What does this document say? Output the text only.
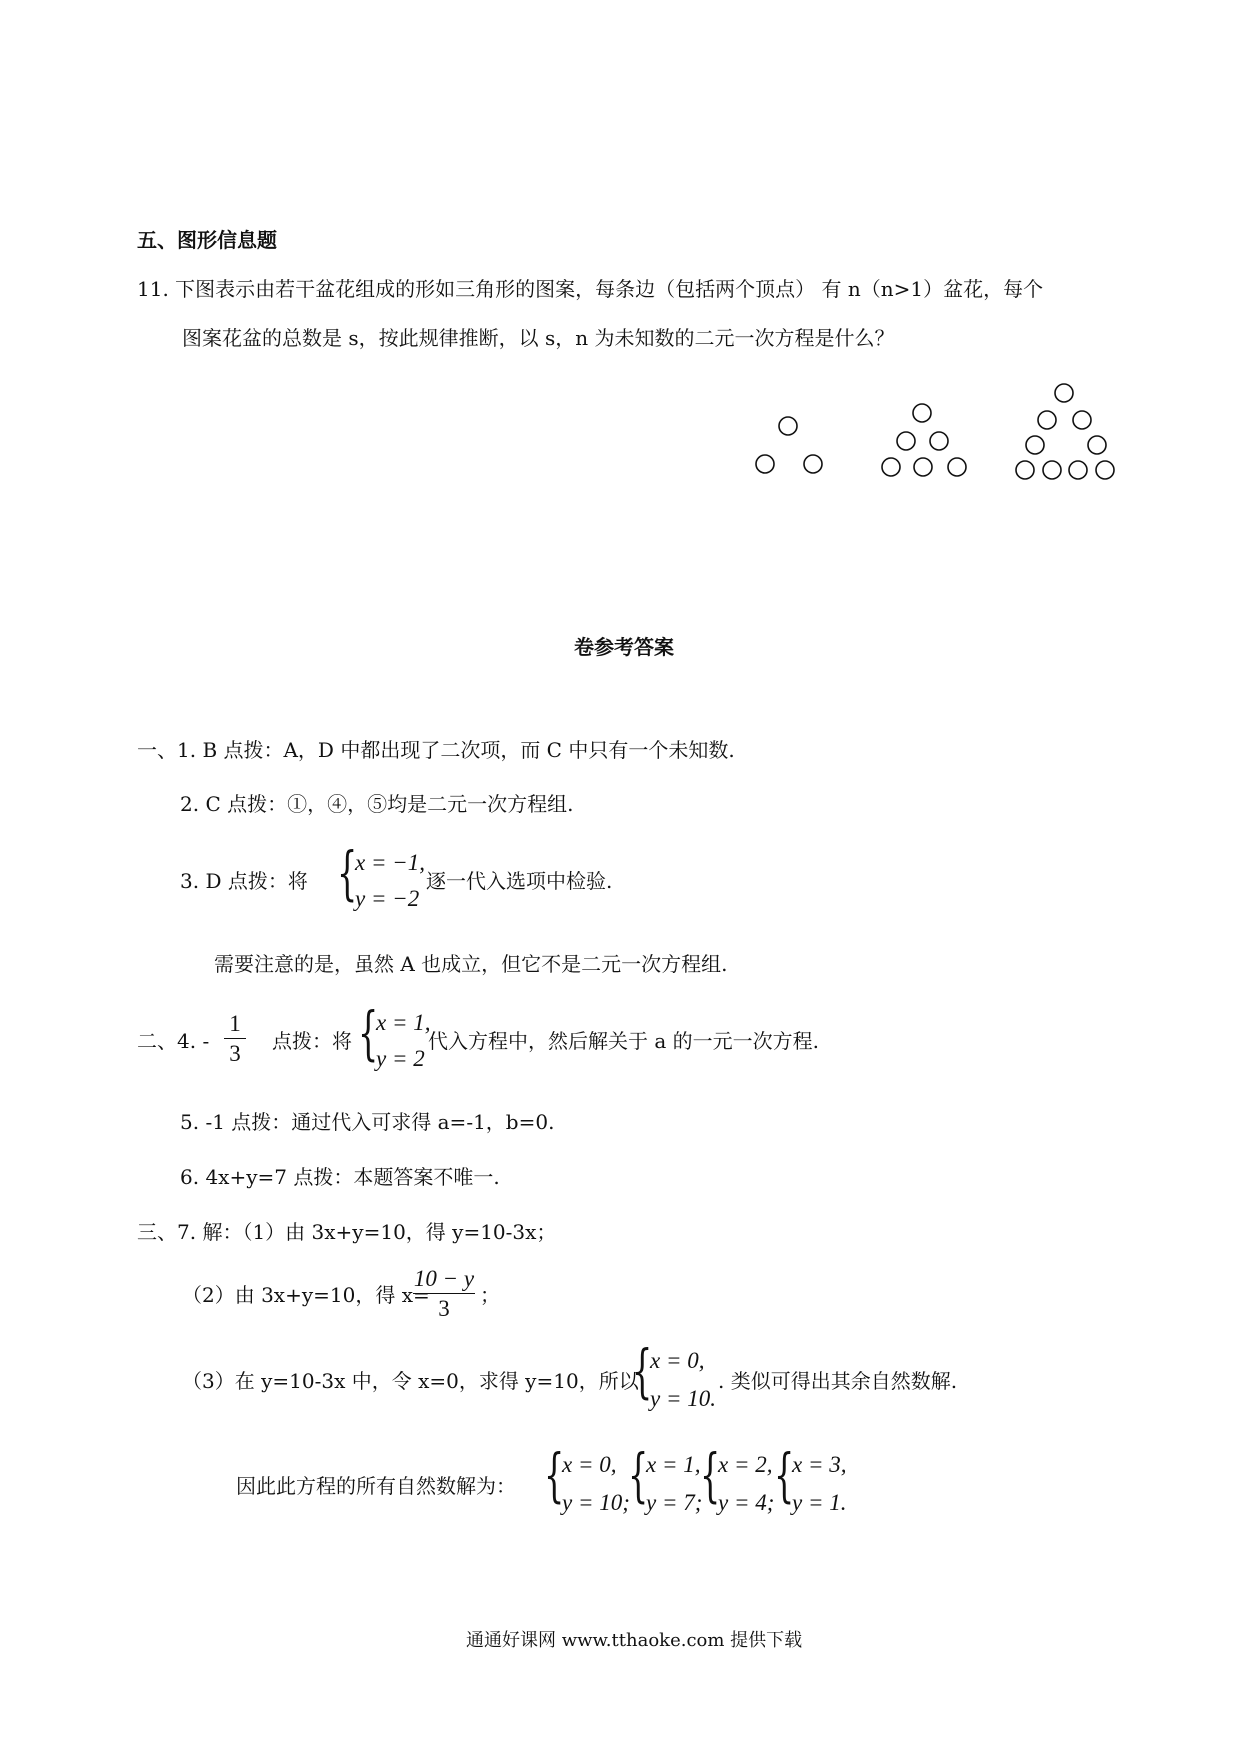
五、图形信息题
11. 下图表示由若干盆花组成的形如三角形的图案，每条边（包括两个顶点） 有 n（n>1）盆花，每个
图案花盆的总数是 s，按此规律推断，以 s，n 为未知数的二元一次方程是什么？
卷参考答案
一、1. B 点拨：A，D 中都出现了二次项，而 C 中只有一个未知数.
2. C 点拨：①，④，⑤均是二元一次方程组.
3. D 点拨：将 {
x = −1,
y = −2
逐一代入选项中检验.
需要注意的是，虽然 A 也成立，但它不是二元一次方程组.
二、4. -
1
3 点拨：将 {
x = 1,
y = 2
代入方程中，然后解关于 a 的一元一次方程.
5. -1 点拨：通过代入可求得 a=-1，b=0.
6. 4x+y=7 点拨：本题答案不唯一.
三、7. 解：（1）由 3x+y=10，得 y=10-3x；
（2）由 3x+y=10，得 x=
10 − y
3
；
（3）在 y=10-3x 中，令 x=0，求得 y=10，所以
{
x = 0,
y = 10.
. 类似可得出其余自然数解.
因此此方程的所有自然数解为： {
x = 0,
y = 10;
{
x = 1,
y = 7;
{
x = 2,
y = 4; {
x = 3,
y = 1.
通通好课网 www.tthaoke.com 提供下载
